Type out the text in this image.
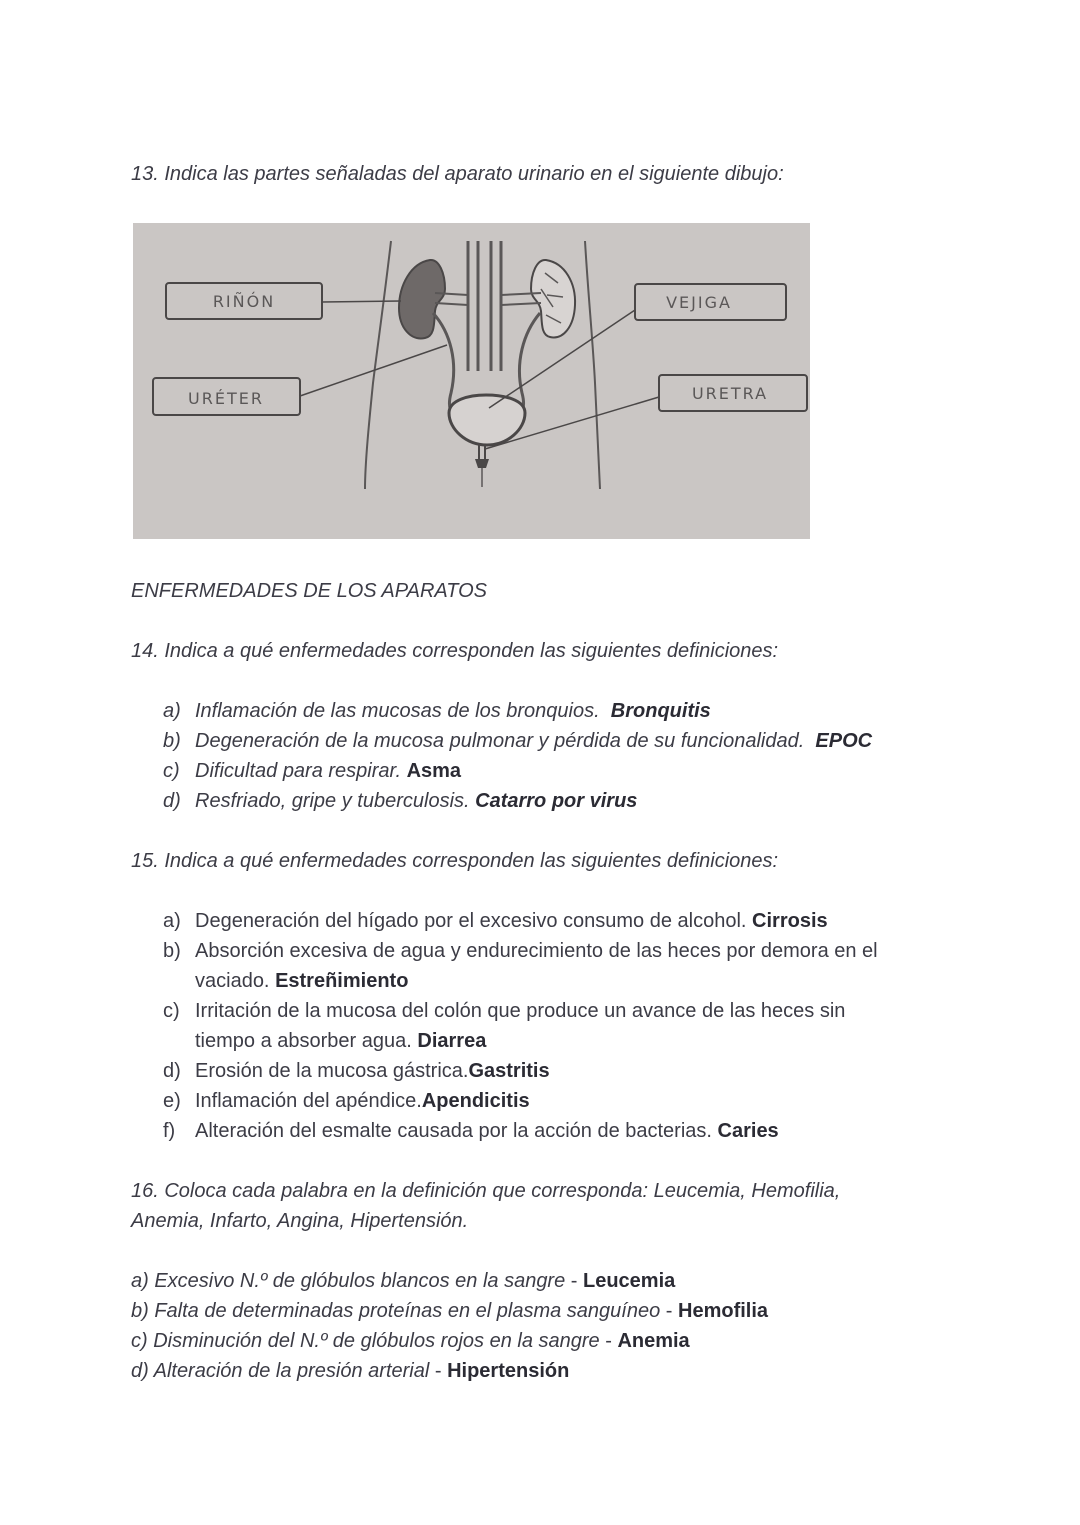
13. Indica las partes señaladas del aparato urinario en el siguiente dibujo:
RIÑÓN
URÉTER
VEJIGA
URETRA
ENFERMEDADES DE LOS APARATOS
14. Indica a qué enfermedades corresponden las siguientes definiciones:
a) Inflamación de las mucosas de los bronquios. Bronquitis
b) Degeneración de la mucosa pulmonar y pérdida de su funcionalidad. EPOC
c) Dificultad para respirar. Asma
d) Resfriado, gripe y tuberculosis. Catarro por virus
15. Indica a qué enfermedades corresponden las siguientes definiciones:
a) Degeneración del hígado por el excesivo consumo de alcohol. Cirrosis
b) Absorción excesiva de agua y endurecimiento de las heces por demora en el
vaciado. Estreñimiento
c) Irritación de la mucosa del colón que produce un avance de las heces sin
tiempo a absorber agua. Diarrea
d) Erosión de la mucosa gástrica.Gastritis
e) Inflamación del apéndice.Apendicitis
f) Alteración del esmalte causada por la acción de bacterias. Caries
16. Coloca cada palabra en la definición que corresponda: Leucemia, Hemofilia,
Anemia, Infarto, Angina, Hipertensión.
a) Excesivo N.º de glóbulos blancos en la sangre - Leucemia
b) Falta de determinadas proteínas en el plasma sanguíneo - Hemofilia
c) Disminución del N.º de glóbulos rojos en la sangre - Anemia
d) Alteración de la presión arterial - Hipertensión
